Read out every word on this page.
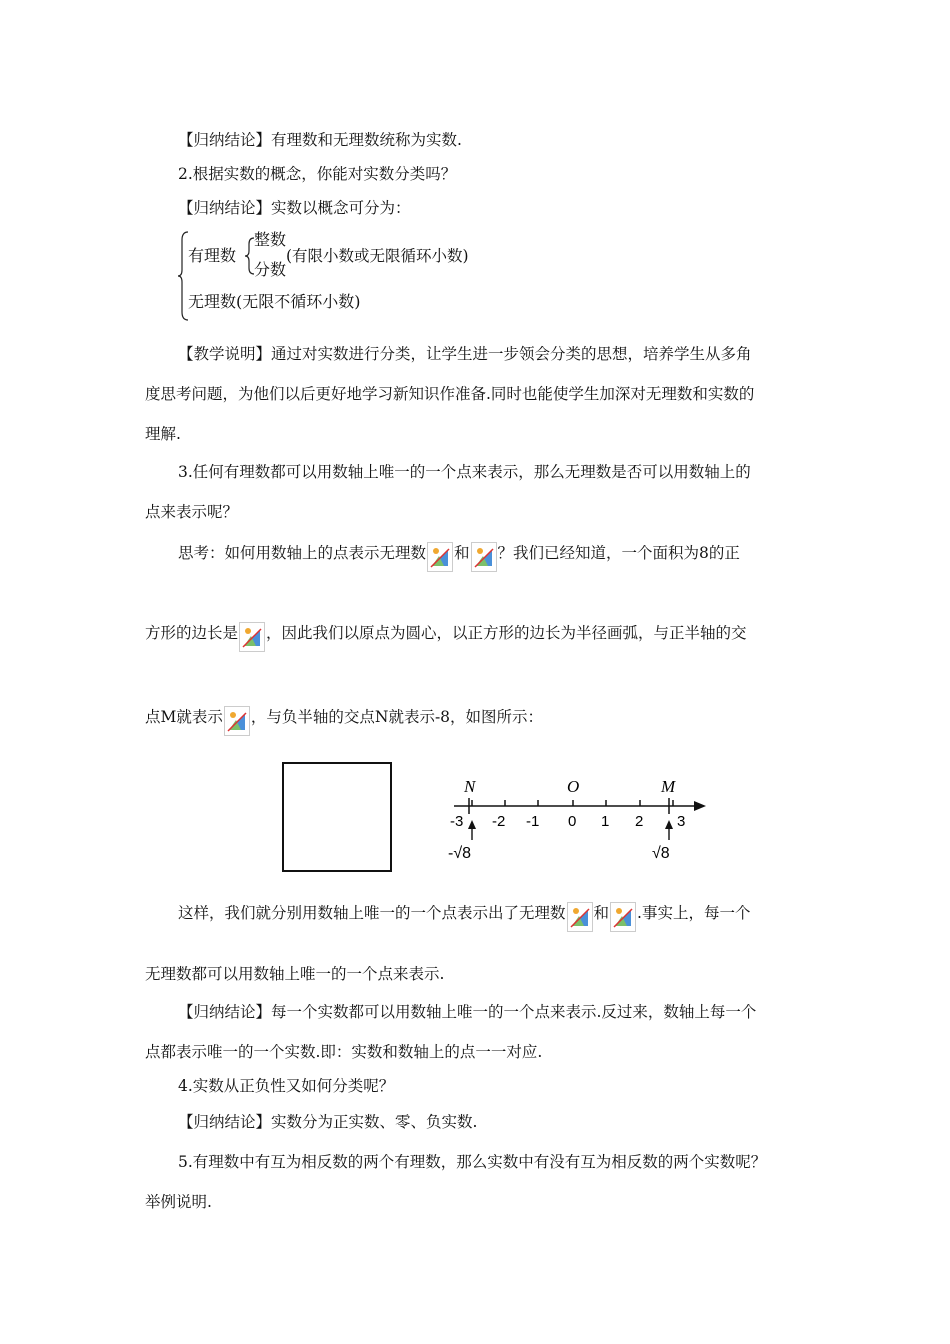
【归纳结论】有理数和无理数统称为实数.
2.根据实数的概念，你能对实数分类吗？
【归纳结论】实数以概念可分为：
有理数
整数
分数
(有限小数或无限循环小数)
无理数(无限不循环小数)
【教学说明】通过对实数进行分类，让学生进一步领会分类的思想，培养学生从多角
度思考问题，为他们以后更好地学习新知识作准备.同时也能使学生加深对无理数和实数的
理解.
3.任何有理数都可以用数轴上唯一的一个点来表示，那么无理数是否可以用数轴上的
点来表示呢？
思考：如何用数轴上的点表示无理数 和 ？我们已经知道，一个面积为8的正
方形的边长是 ，因此我们以原点为圆心，以正方形的边长为半径画弧，与正半轴的交
点M就表示 ，与负半轴的交点N就表示-8，如图所示：
N	O	M
-3 -2 -1 0 1 2 3
-√8	√8
这样，我们就分别用数轴上唯一的一个点表示出了无理数 和 .事实上，每一个
无理数都可以用数轴上唯一的一个点来表示.
【归纳结论】每一个实数都可以用数轴上唯一的一个点来表示.反过来，数轴上每一个
点都表示唯一的一个实数.即：实数和数轴上的点一一对应.
4.实数从正负性又如何分类呢？
【归纳结论】实数分为正实数、零、负实数.
5.有理数中有互为相反数的两个有理数，那么实数中有没有互为相反数的两个实数呢？
举例说明.
